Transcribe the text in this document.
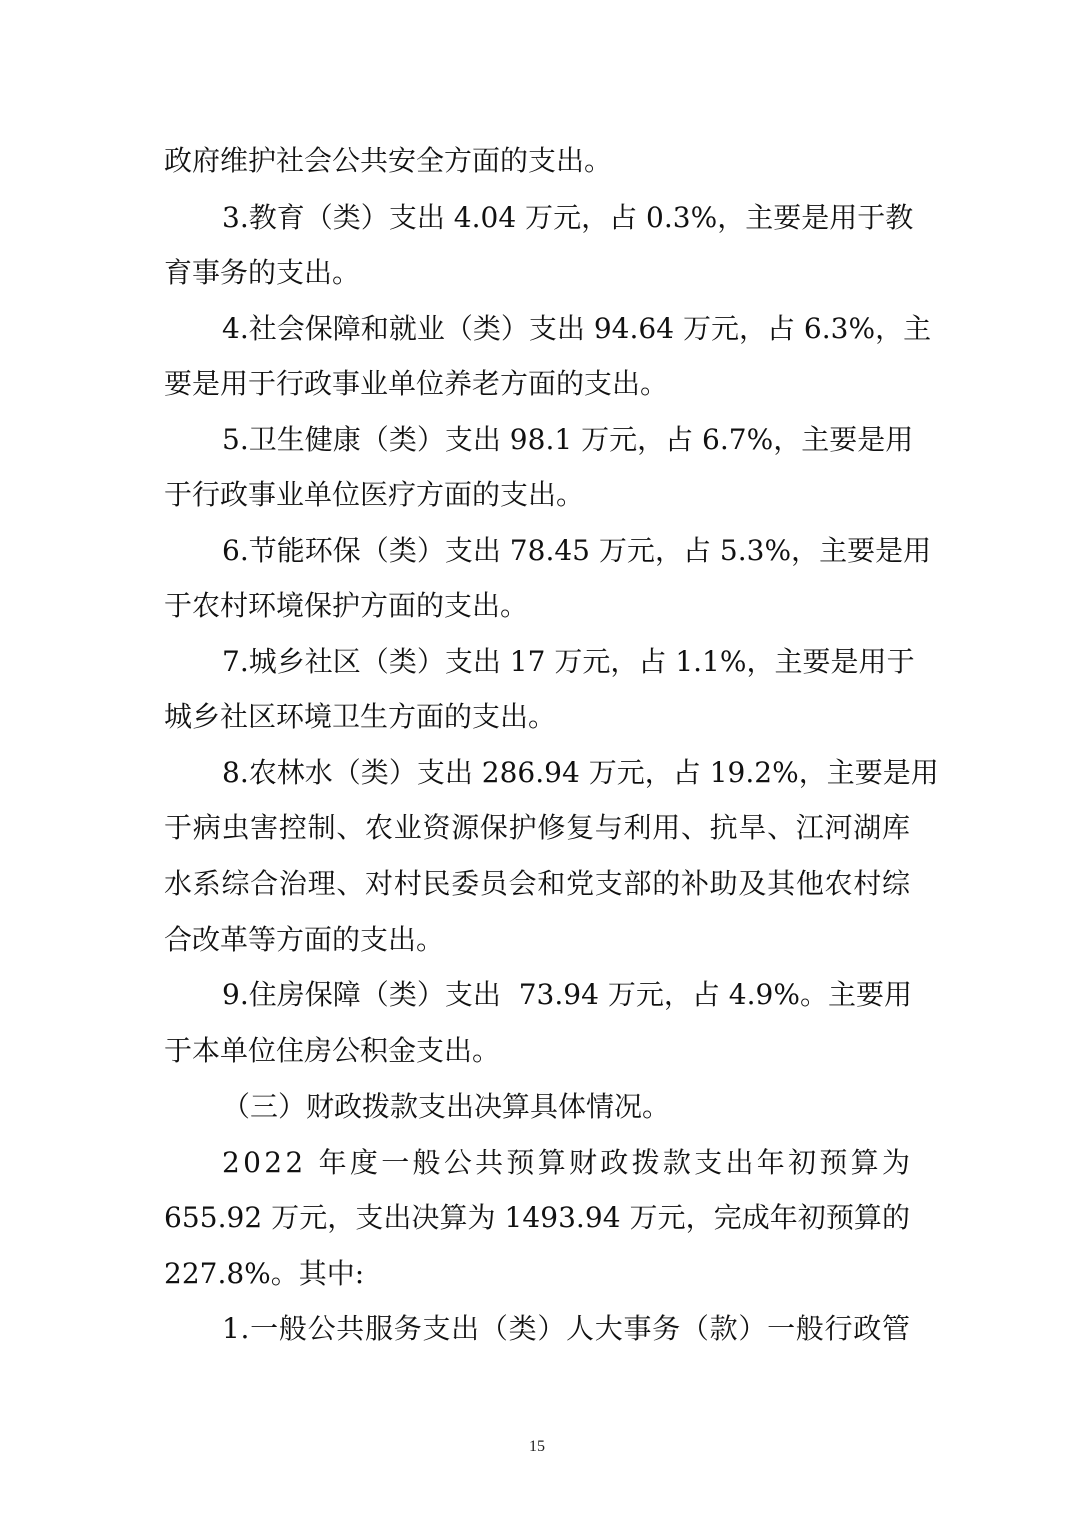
政府维护社会公共安全方面的支出。
3 . 教 育 （ 类 ） 支 出
4 . 0 4
万 元 ， 占
0 . 3 % ， 主 要 是 用 于 教
育事务的支出。
4 . 社 会 保 障 和 就 业 （ 类 ） 支 出
9 4 . 6 4
万 元 ， 占
6 . 3 % ， 主
要是用于行政事业单位养老方面的支出。
5 . 卫 生 健 康 （ 类 ） 支 出
9 8 . 1
万 元 ， 占
6 . 7 % ， 主 要 是 用
于行政事业单位医疗方面的支出。
6 . 节 能 环 保 （ 类 ） 支 出
7 8 . 4 5
万 元 ， 占
5 . 3 % ， 主 要 是 用
于农村环境保护方面的支出。
7 . 城 乡 社 区 （ 类 ） 支 出
1 7
万 元 ， 占
1 . 1 % ， 主 要 是 用 于
城乡社区环境卫生方面的支出。
8 . 农 林 水 （ 类 ） 支 出
2 8 6 . 9 4
万 元 ， 占
1 9 . 2 % ， 主 要 是 用
于 病 虫 害 控 制 、 农 业 资 源 保 护 修 复 与 利 用 、 抗 旱 、 江 河 湖 库
水 系 综 合 治 理 、 对 村 民 委 员 会 和 党 支 部 的 补 助 及 其 他 农 村 综
合改革等方面的支出。
9 . 住 房 保 障 （ 类 ） 支 出

7 3 . 9 4
万 元 ， 占
4 . 9 % 。 主 要 用
于本单位住房公积金支出。
（三）财政拨款支出决算具体情况。
2 0 2 2
年 度 一 般 公 共 预 算 财 政 拨 款 支 出 年 初 预 算 为
6 5 5 . 9 2
万 元 ， 支 出 决 算 为
1 4 9 3 . 9 4
万 元 ， 完 成 年 初 预 算 的
227.8%。其中:
1 . 一 般 公 共 服 务 支 出 （ 类 ） 人 大 事 务 （ 款 ） 一 般 行 政 管
15
